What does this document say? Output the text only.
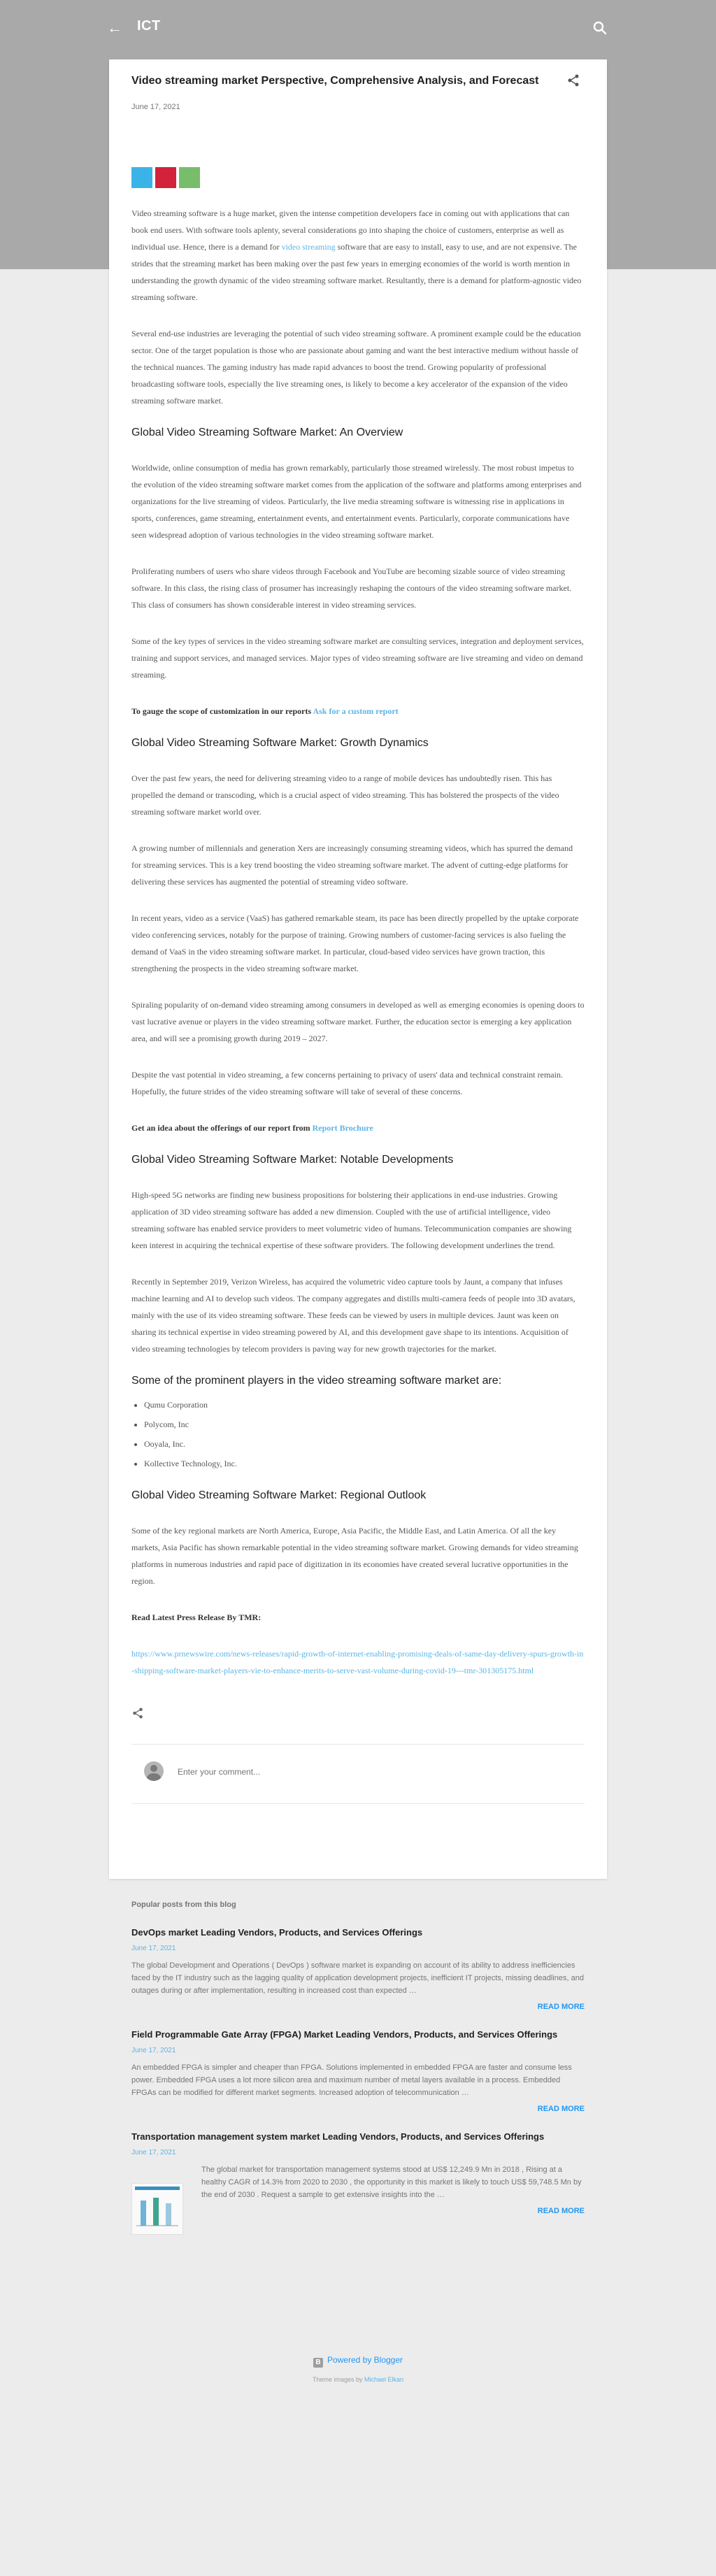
← ICT
Video streaming market Perspective, Comprehensive Analysis, and Forecast
June 17, 2021

Video streaming software is a huge market, given the intense competition developers face in coming out with applications that can book end users. With software tools aplenty, several considerations go into shaping the choice of customers, enterprise as well as individual use. Hence, there is a demand for video streaming software that are easy to install, easy to use, and are not expensive. The strides that the streaming market has been making over the past few years in emerging economies of the world is worth mention in understanding the growth dynamic of the video streaming software market. Resultantly, there is a demand for platform-agnostic video streaming software.

Several end-use industries are leveraging the potential of such video streaming software. A prominent example could be the education sector. One of the target population is those who are passionate about gaming and want the best interactive medium without hassle of the technical nuances. The gaming industry has made rapid advances to boost the trend. Growing popularity of professional broadcasting software tools, especially the live streaming ones, is likely to become a key accelerator of the expansion of the video streaming software market.

Global Video Streaming Software Market: An Overview

Worldwide, online consumption of media has grown remarkably, particularly those streamed wirelessly. The most robust impetus to the evolution of the video streaming software market comes from the application of the software and platforms among enterprises and organizations for the live streaming of videos. Particularly, the live media streaming software is witnessing rise in applications in sports, conferences, game streaming, entertainment events, and entertainment events. Particularly, corporate communications have seen widespread adoption of various technologies in the video streaming software market.

Proliferating numbers of users who share videos through Facebook and YouTube are becoming sizable source of video streaming software. In this class, the rising class of prosumer has increasingly reshaping the contours of the video streaming software market. This class of consumers has shown considerable interest in video streaming services.

Some of the key types of services in the video streaming software market are consulting services, integration and deployment services, training and support services, and managed services. Major types of video streaming software are live streaming and video on demand streaming.

To gauge the scope of customization in our reports Ask for a custom report

Global Video Streaming Software Market: Growth Dynamics

Over the past few years, the need for delivering streaming video to a range of mobile devices has undoubtedly risen. This has propelled the demand or transcoding, which is a crucial aspect of video streaming. This has bolstered the prospects of the video streaming software market world over.

A growing number of millennials and generation Xers are increasingly consuming streaming videos, which has spurred the demand for streaming services. This is a key trend boosting the video streaming software market. The advent of cutting-edge platforms for delivering these services has augmented the potential of streaming video software.

In recent years, video as a service (VaaS) has gathered remarkable steam, its pace has been directly propelled by the uptake corporate video conferencing services, notably for the purpose of training. Growing numbers of customer-facing services is also fueling the demand of VaaS in the video streaming software market. In particular, cloud-based video services have grown traction, this strengthening the prospects in the video streaming software market.

Spiraling popularity of on-demand video streaming among consumers in developed as well as emerging economies is opening doors to vast lucrative avenue or players in the video streaming software market. Further, the education sector is emerging a key application area, and will see a promising growth during 2019 – 2027.

Despite the vast potential in video streaming, a few concerns pertaining to privacy of users' data and technical constraint remain. Hopefully, the future strides of the video streaming software will take of several of these concerns.

Get an idea about the offerings of our report from Report Brochure

Global Video Streaming Software Market: Notable Developments

High-speed 5G networks are finding new business propositions for bolstering their applications in end-use industries. Growing application of 3D video streaming software has added a new dimension. Coupled with the use of artificial intelligence, video streaming software has enabled service providers to meet volumetric video of humans. Telecommunication companies are showing keen interest in acquiring the technical expertise of these software providers. The following development underlines the trend.

Recently in September 2019, Verizon Wireless, has acquired the volumetric video capture tools by Jaunt, a company that infuses machine learning and AI to develop such videos. The company aggregates and distills multi-camera feeds of people into 3D avatars, mainly with the use of its video streaming software. These feeds can be viewed by users in multiple devices. Jaunt was keen on sharing its technical expertise in video streaming powered by AI, and this development gave shape to its intentions. Acquisition of video streaming technologies by telecom providers is paving way for new growth trajectories for the market.

Some of the prominent players in the video streaming software market are:
• Qumu Corporation
• Polycom, Inc
• Ooyala, Inc.
• Kollective Technology, Inc.
Global Video Streaming Software Market: Regional Outlook

Some of the key regional markets are North America, Europe, Asia Pacific, the Middle East, and Latin America. Of all the key markets, Asia Pacific has shown remarkable potential in the video streaming software market. Growing demands for video streaming platforms in numerous industries and rapid pace of digitization in its economies have created several lucrative opportunities in the region.

Read Latest Press Release By TMR:

https://www.prnewswire.com/news-releases/rapid-growth-of-internet-enabling-promising-deals-of-same-day-delivery-spurs-growth-in-shipping-software-market-players-vie-to-enhance-merits-to-serve-vast-volume-during-covid-19---tmr-301305175.html

Enter your comment...
Popular posts from this blog
DevOps market Leading Vendors, Products, and Services Offerings
June 17, 2021
The global Development and Operations ( DevOps ) software market is expanding on account of its ability to address inefficiencies faced by the IT industry such as the lagging quality of application development projects, inefficient IT projects, missing deadlines, and outages during or after implementation, resulting in increased cost than expected …
READ MORE
Field Programmable Gate Array (FPGA) Market Leading Vendors, Products, and Services Offerings
June 17, 2021
An embedded FPGA is simpler and cheaper than FPGA. Solutions implemented in embedded FPGA are faster and consume less power. Embedded FPGA uses a lot more silicon area and maximum number of metal layers available in a process. Embedded FPGAs can be modified for different market segments. Increased adoption of telecommunication …
READ MORE
Transportation management system market Leading Vendors, Products, and Services Offerings
June 17, 2021
The global market for transportation management systems stood at US$ 12,249.9 Mn in 2018 , Rising at a healthy CAGR of 14.3% from 2020 to 2030 , the opportunity in this market is likely to touch US$ 59,748.5 Mn by the end of 2030 . Request a sample to get extensive insights into the …
READ MORE
B Powered by Blogger
Theme images by Michael Elkan
